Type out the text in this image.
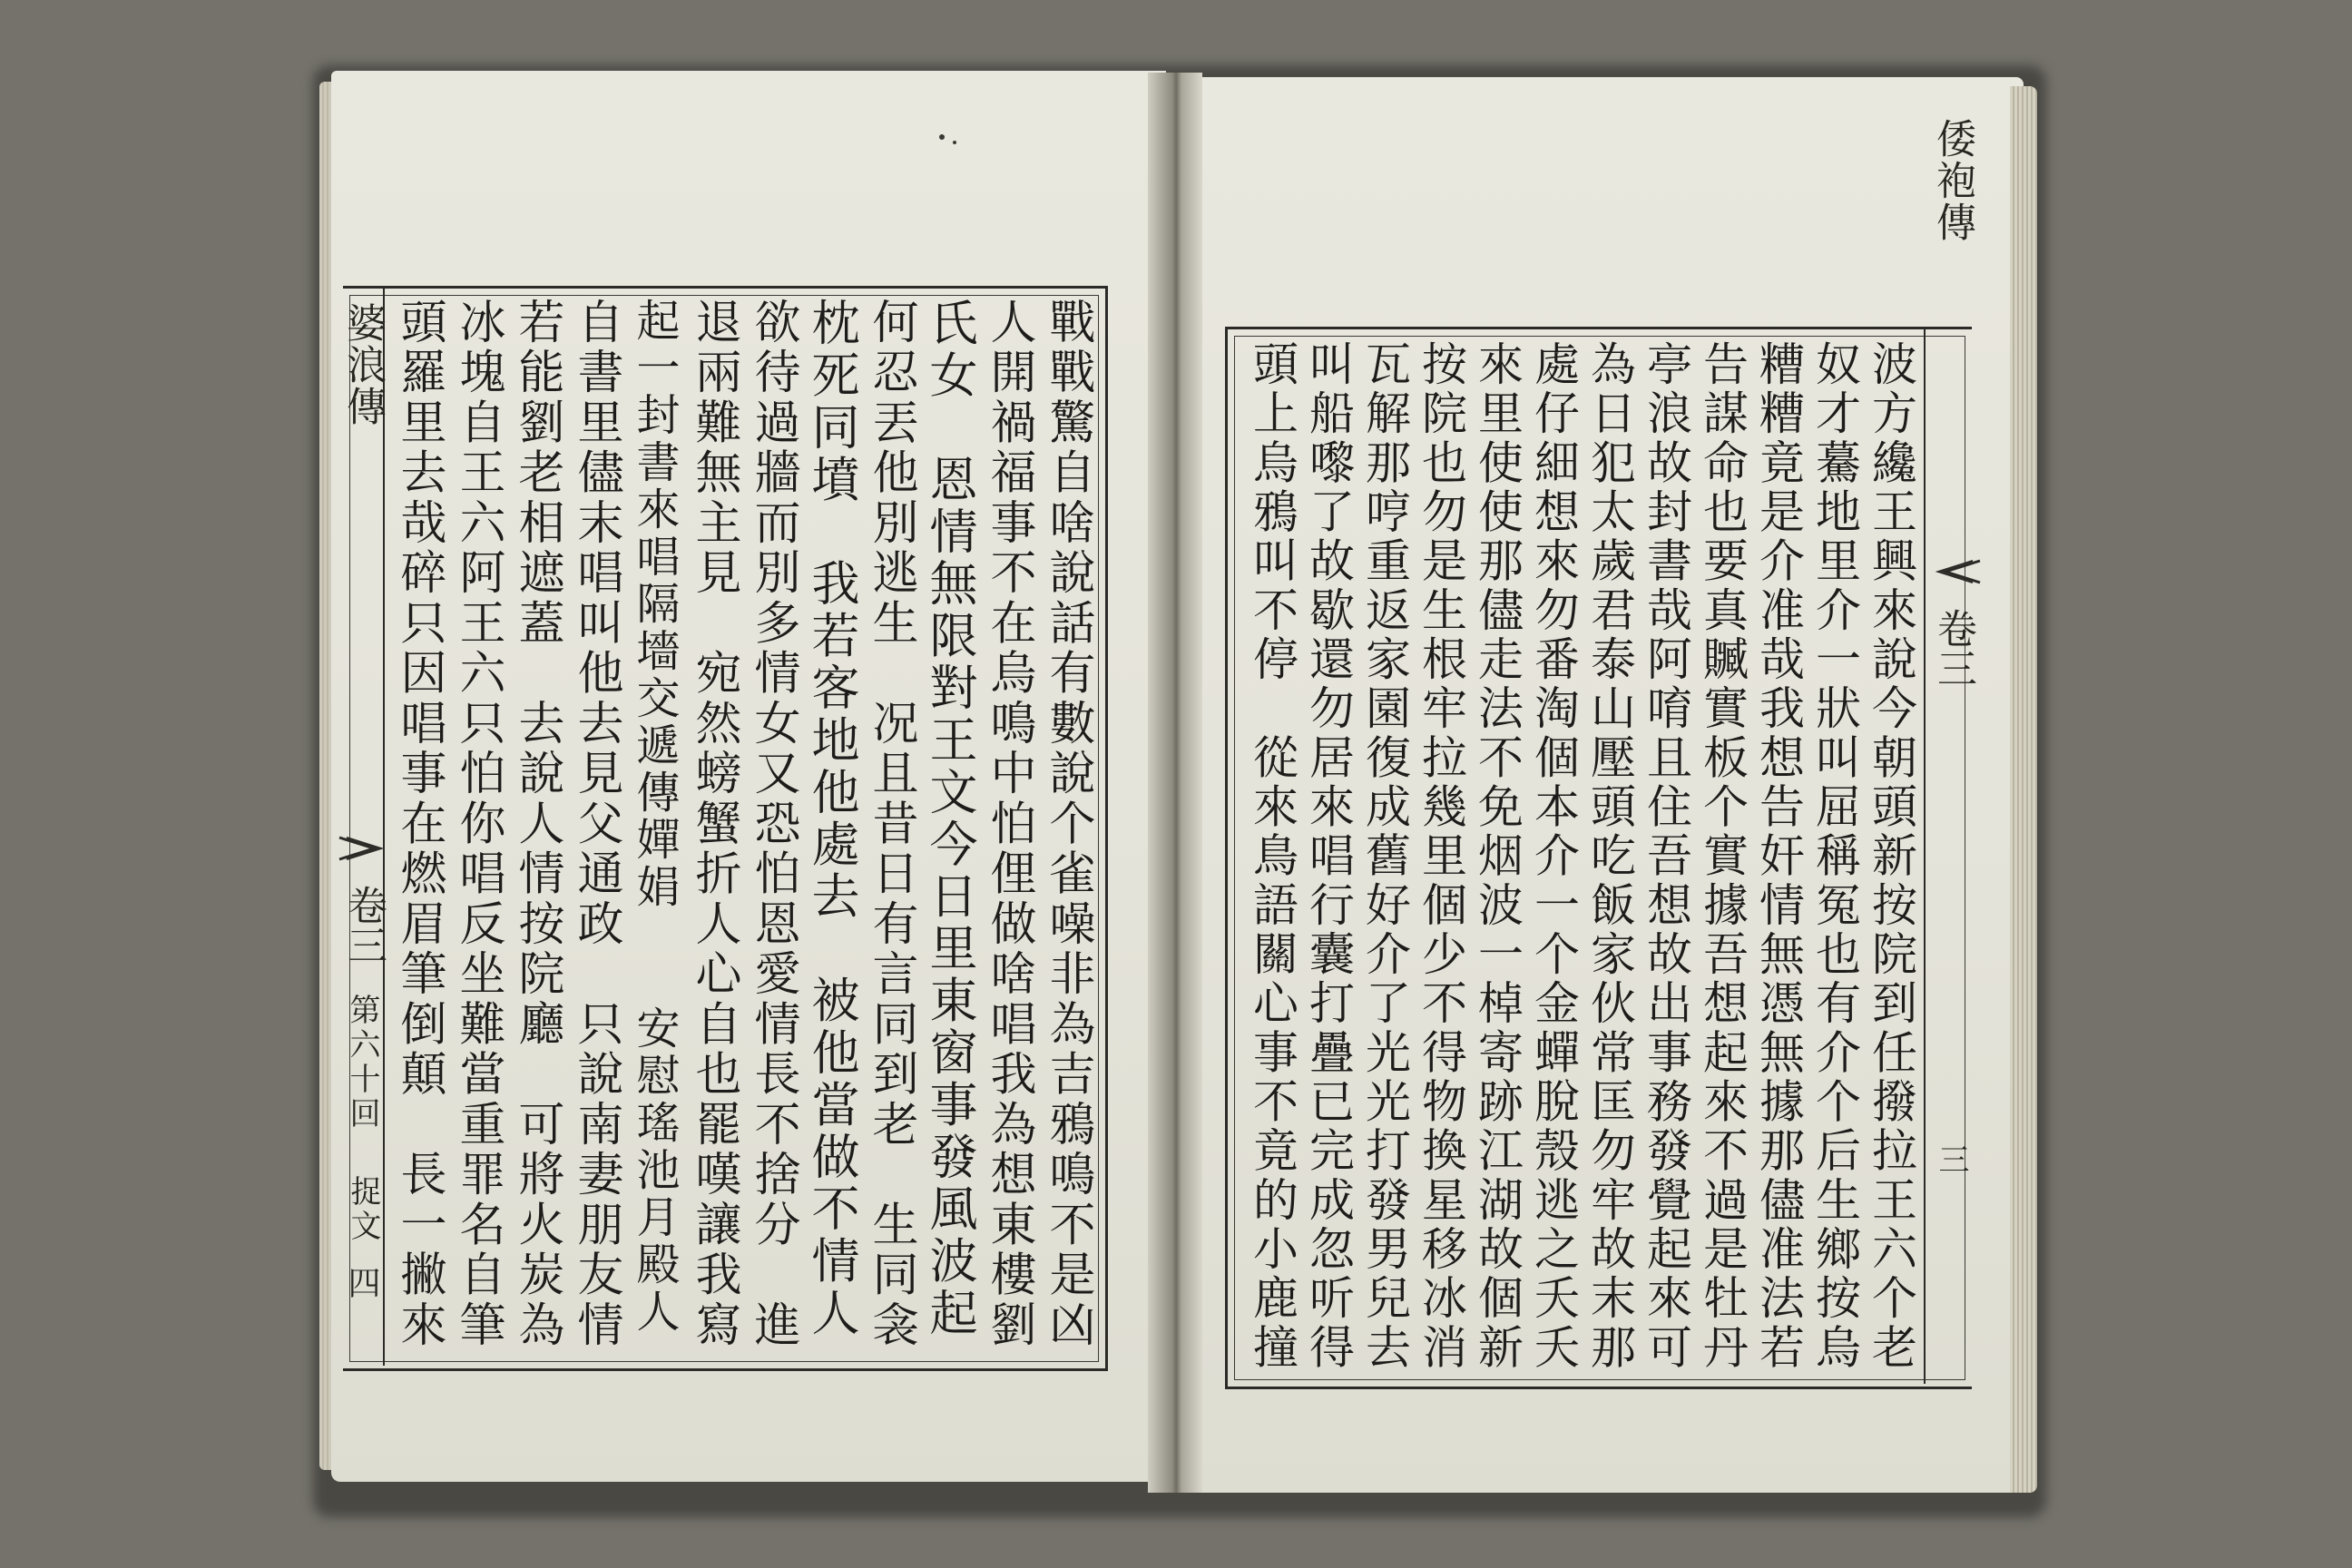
婆浪傳
卷三
第六十回
捉文
四	戰戰驚自啥說話有數說个雀噪非為吉鴉鳴不是凶
人開禍福事不在烏鳴中怕俚做啥唱我為想東樓劉
氏女　恩情無限對王文今日里東窗事發風波起
何忍丟他別逃生　况且昔日有言同到老　生同衾
枕死同墳　我若客地他處去　被他當做不情人
欲待過牆而別多情女又恐怕恩愛情長不捨分　進
退兩難無主見　宛然螃蟹折人心自也罷嘆讓我寫
起一封書來唱隔墻交遞傳嬋娟　　安慰瑤池月殿人
自書里儘末唱叫他去見父通政　只說南妻朋友情
若能劉老相遮蓋　去說人情按院廳　可將火炭為
冰塊自王六阿王六只怕你唱反坐難當重罪名自筆
頭羅里去哉碎只因唱事在燃眉筆倒顛　長一撇來
倭袍傳
卷三
三
波方纔王興來說今朝頭新按院到任撥拉王六个老
奴才驀地里介一狀叫屈稱冤也有介个后生鄉按烏
糟糟竟是介准哉我想告奸情無憑無據那儘准法若
告謀命也要真贓實板个實據吾想起來不過是牡丹
亭浪故封書哉阿唷且住吾想故出事務發覺起來可
為日犯太歲君泰山壓頭吃飯家伙常匡勿牢故末那
處仔細想來勿番淘個本介一个金蟬脫殼逃之夭夭
來里使使那儘走法不免烟波一棹寄跡江湖故個新
按院也勿是生根牢拉幾里個少不得物換星移冰消
瓦解那哼重返家園復成舊好介了光光打發男兒去
叫船嚟了故歇還勿居來唱行囊打疊已完成忽听得
頭上烏鴉叫不停　從來鳥語關心事不竟的小鹿撞
